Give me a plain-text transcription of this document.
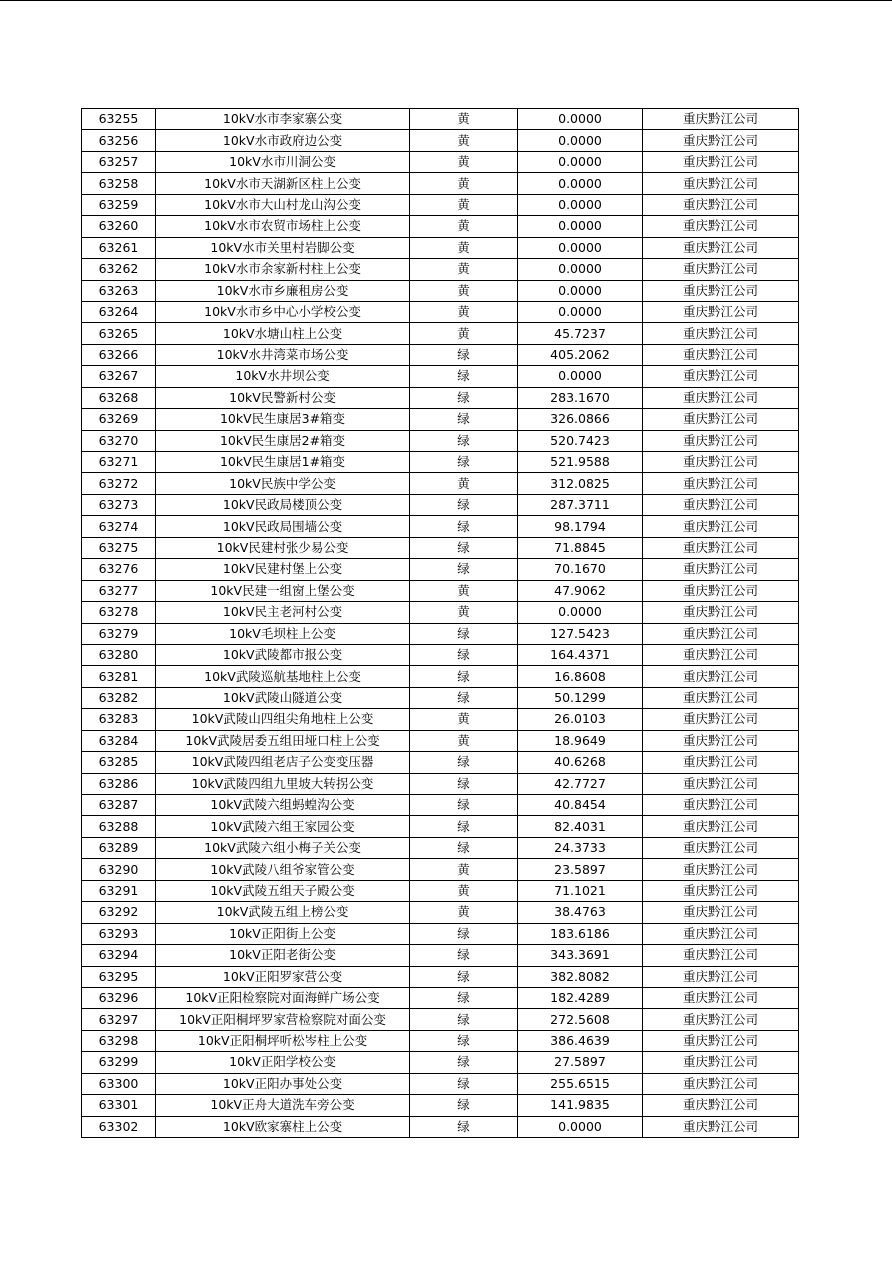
63255	10kV水市李家寨公变	黄	0.0000	重庆黔江公司
63256	10kV水市政府边公变	黄	0.0000	重庆黔江公司
63257	10kV水市川洞公变	黄	0.0000	重庆黔江公司
63258	10kV水市天湖新区柱上公变	黄	0.0000	重庆黔江公司
63259	10kV水市大山村龙山沟公变	黄	0.0000	重庆黔江公司
63260	10kV水市农贸市场柱上公变	黄	0.0000	重庆黔江公司
63261	10kV水市关里村岩脚公变	黄	0.0000	重庆黔江公司
63262	10kV水市余家新村柱上公变	黄	0.0000	重庆黔江公司
63263	10kV水市乡廉租房公变	黄	0.0000	重庆黔江公司
63264	10kV水市乡中心小学校公变	黄	0.0000	重庆黔江公司
63265	10kV水塘山柱上公变	黄	45.7237	重庆黔江公司
63266	10kV水井湾菜市场公变	绿	405.2062	重庆黔江公司
63267	10kV水井坝公变	绿	0.0000	重庆黔江公司
63268	10kV民警新村公变	绿	283.1670	重庆黔江公司
63269	10kV民生康居3#箱变	绿	326.0866	重庆黔江公司
63270	10kV民生康居2#箱变	绿	520.7423	重庆黔江公司
63271	10kV民生康居1#箱变	绿	521.9588	重庆黔江公司
63272	10kV民族中学公变	黄	312.0825	重庆黔江公司
63273	10kV民政局楼顶公变	绿	287.3711	重庆黔江公司
63274	10kV民政局围墙公变	绿	98.1794	重庆黔江公司
63275	10kV民建村张少易公变	绿	71.8845	重庆黔江公司
63276	10kV民建村堡上公变	绿	70.1670	重庆黔江公司
63277	10kV民建一组窗上堡公变	黄	47.9062	重庆黔江公司
63278	10kV民主老河村公变	黄	0.0000	重庆黔江公司
63279	10kV毛坝柱上公变	绿	127.5423	重庆黔江公司
63280	10kV武陵都市报公变	绿	164.4371	重庆黔江公司
63281	10kV武陵巡航基地柱上公变	绿	16.8608	重庆黔江公司
63282	10kV武陵山隧道公变	绿	50.1299	重庆黔江公司
63283	10kV武陵山四组尖角地柱上公变	黄	26.0103	重庆黔江公司
63284	10kV武陵居委五组田垭口柱上公变	黄	18.9649	重庆黔江公司
63285	10kV武陵四组老店子公变变压器	绿	40.6268	重庆黔江公司
63286	10kV武陵四组九里坡大转拐公变	绿	42.7727	重庆黔江公司
63287	10kV武陵六组蚂蝗沟公变	绿	40.8454	重庆黔江公司
63288	10kV武陵六组王家园公变	绿	82.4031	重庆黔江公司
63289	10kV武陵六组小梅子关公变	绿	24.3733	重庆黔江公司
63290	10kV武陵八组爷家管公变	黄	23.5897	重庆黔江公司
63291	10kV武陵五组天子殿公变	黄	71.1021	重庆黔江公司
63292	10kV武陵五组上榜公变	黄	38.4763	重庆黔江公司
63293	10kV正阳街上公变	绿	183.6186	重庆黔江公司
63294	10kV正阳老街公变	绿	343.3691	重庆黔江公司
63295	10kV正阳罗家营公变	绿	382.8082	重庆黔江公司
63296	10kV正阳检察院对面海鲜广场公变	绿	182.4289	重庆黔江公司
63297	10kV正阳桐坪罗家营检察院对面公变	绿	272.5608	重庆黔江公司
63298	10kV正阳桐坪听松岑柱上公变	绿	386.4639	重庆黔江公司
63299	10kV正阳学校公变	绿	27.5897	重庆黔江公司
63300	10kV正阳办事处公变	绿	255.6515	重庆黔江公司
63301	10kV正舟大道洗车旁公变	绿	141.9835	重庆黔江公司
63302	10kV欧家寨柱上公变	绿	0.0000	重庆黔江公司
